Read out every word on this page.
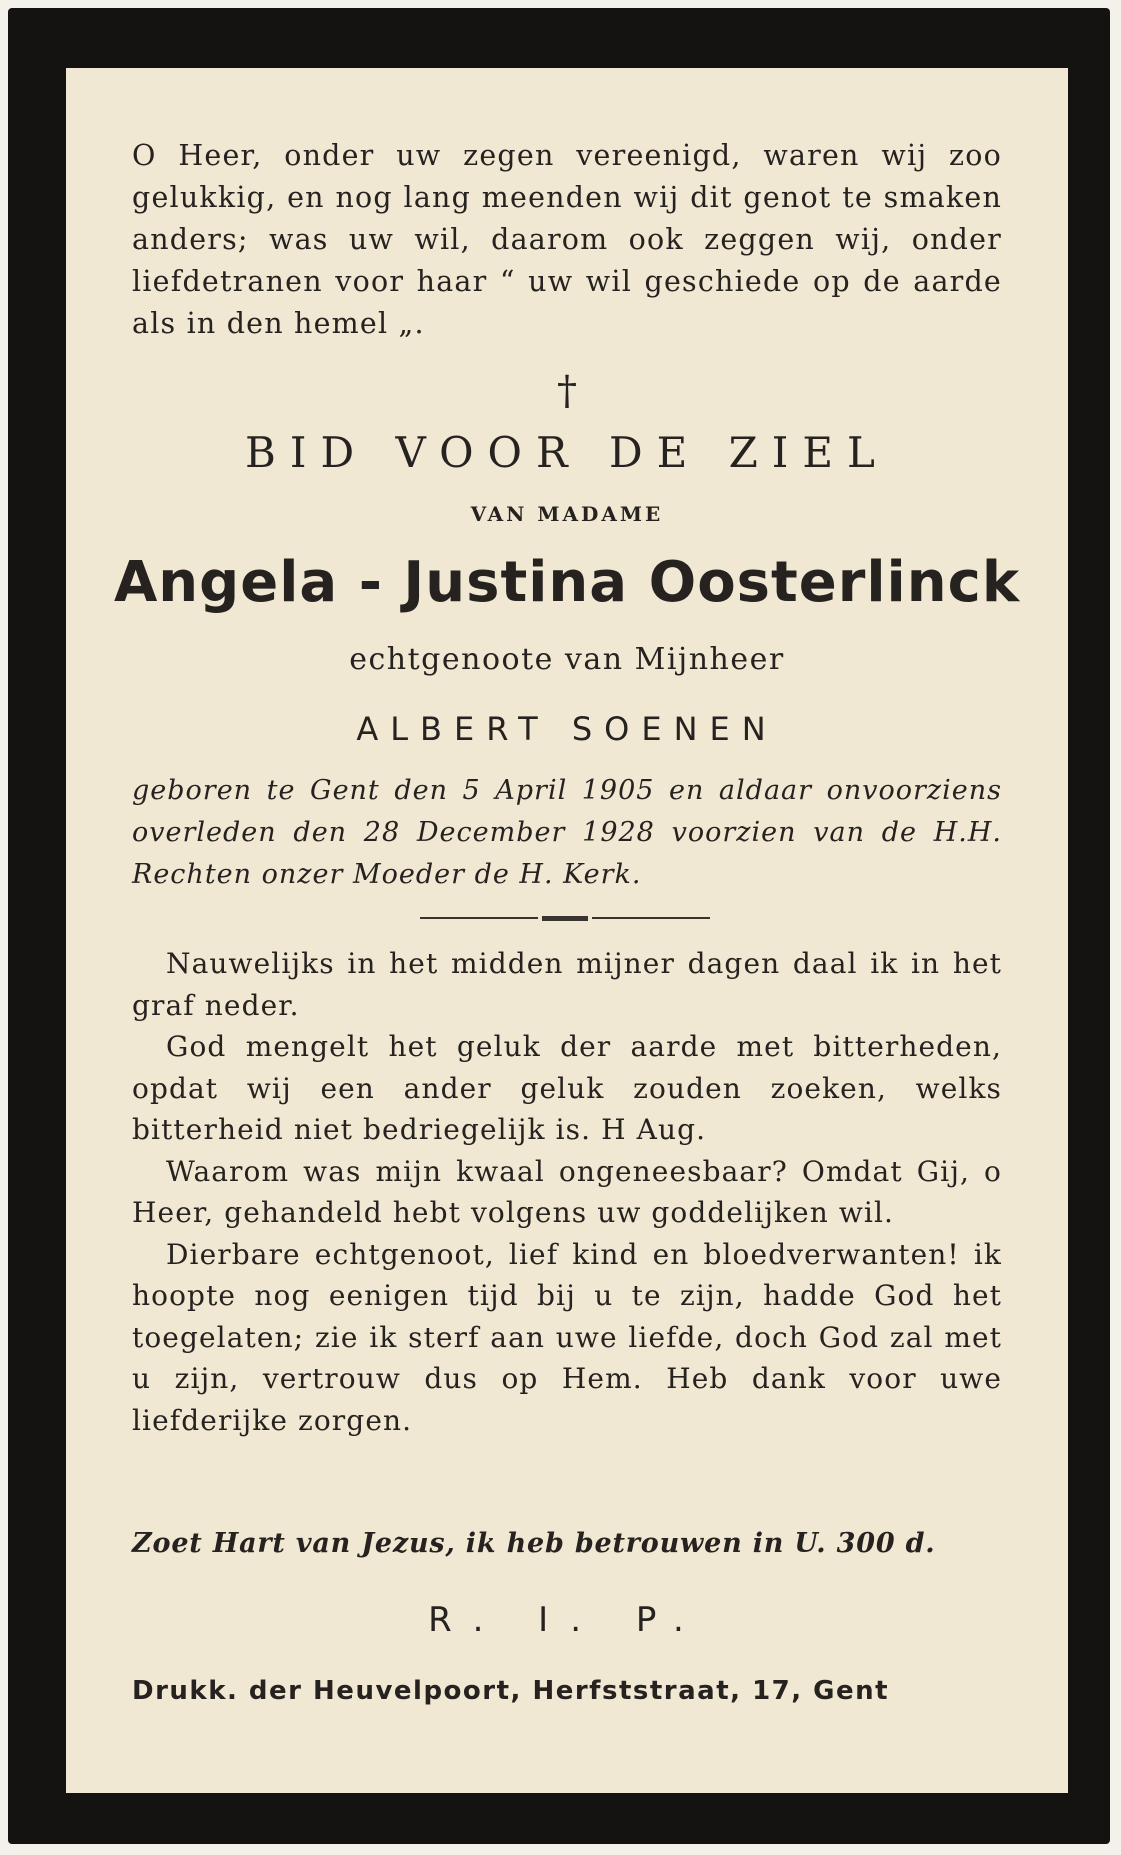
O Heer, onder uw zegen vereenigd, waren wij zoo gelukkig, en nog lang meenden wij dit genot te smaken anders; was uw wil, daarom ook zeggen wij, onder liefdetranen voor haar “ uw wil geschiede op de aarde als in den hemel „.
†
BID VOOR DE ZIEL
VAN MADAME
Angela - Justina Oosterlinck
echtgenoote van Mijnheer
ALBERT SOENEN
geboren te Gent den 5 April 1905 en aldaar onvoorziens overleden den 28 December 1928 voorzien van de H.H. Rechten onzer Moeder de H. Kerk.

Nauwelijks in het midden mijner dagen daal ik in het graf neder.

God mengelt het geluk der aarde met bitterheden, opdat wij een ander geluk zouden zoeken, welks bitterheid niet bedriegelijk is. H Aug.

Waarom was mijn kwaal ongeneesbaar? Omdat Gij, o Heer, gehandeld hebt volgens uw goddelijken wil.

Dierbare echtgenoot, lief kind en bloedverwanten! ik hoopte nog eenigen tijd bij u te zijn, hadde God het toegelaten; zie ik sterf aan uwe liefde, doch God zal met u zijn, vertrouw dus op Hem. Heb dank voor uwe liefderijke zorgen.

Zoet Hart van Jezus, ik heb betrouwen in U. 300 d.
R. I. P.
Drukk. der Heuvelpoort, Herfststraat, 17, Gent
